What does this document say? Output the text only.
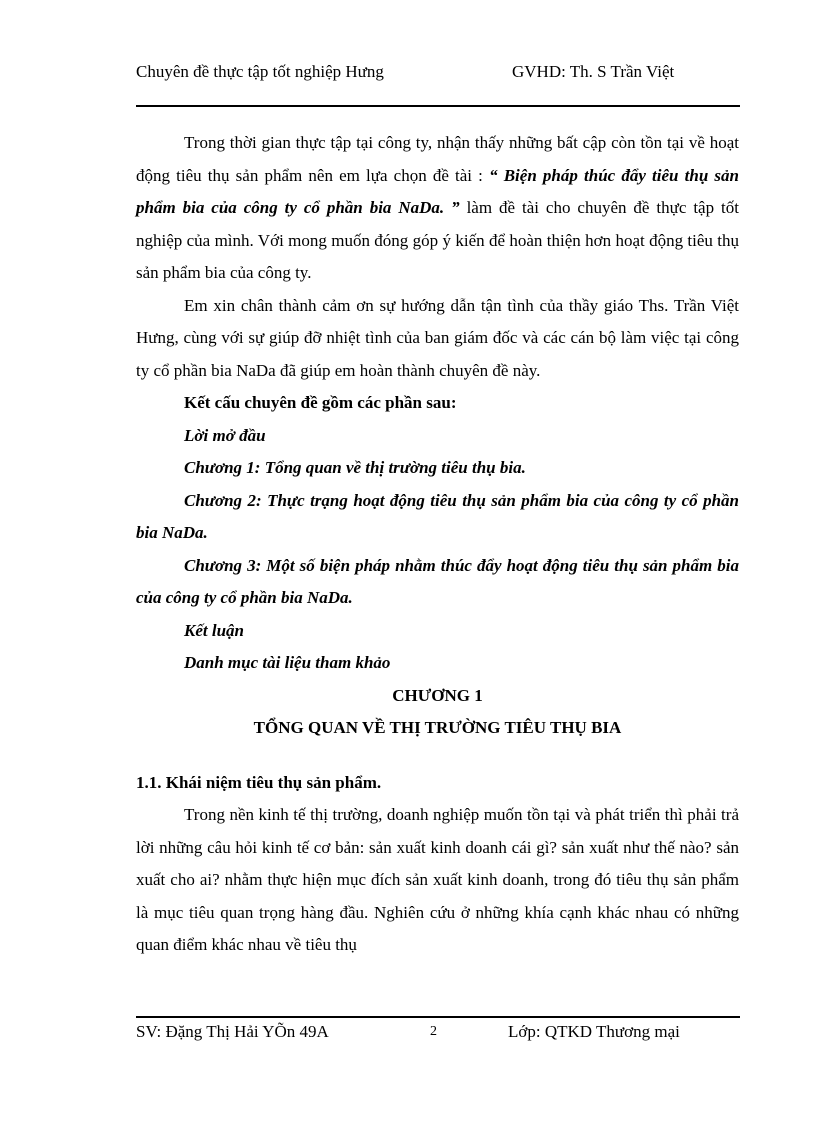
Chuyên đề thực tập tốt nghiệp Hưng	GVHD: Th. S Trần Việt

Trong thời gian thực tập tại công ty, nhận thấy những bất cập còn tồn tại về hoạt động tiêu thụ sản phẩm nên em lựa chọn đề tài : “ Biện pháp thúc đẩy tiêu thụ sản phẩm bia của công ty cổ phần bia NaDa. ” làm đề tài cho chuyên đề thực tập tốt nghiệp của mình. Với mong muốn đóng góp ý kiến để hoàn thiện hơn hoạt động tiêu thụ sản phẩm bia của công ty.

Em xin chân thành cảm ơn sự hướng dẫn tận tình của thầy giáo Ths. Trần Việt Hưng, cùng với sự giúp đỡ nhiệt tình của ban giám đốc và các cán bộ làm việc tại công ty cổ phần bia NaDa đã giúp em hoàn thành chuyên đề này.

Kết cấu chuyên đề gồm các phần sau:

Lời mở đầu

Chương 1: Tổng quan về thị trường tiêu thụ bia.

Chương 2: Thực trạng hoạt động tiêu thụ sản phẩm bia của công ty cổ phần bia NaDa.

Chương 3: Một số biện pháp nhằm thúc đẩy hoạt động tiêu thụ sản phẩm bia của công ty cổ phần bia NaDa.

Kết luận

Danh mục tài liệu tham khảo

CHƯƠNG 1

TỔNG QUAN VỀ THỊ TRƯỜNG TIÊU THỤ BIA

1.1. Khái niệm tiêu thụ sản phẩm.

Trong nền kinh tế thị trường, doanh nghiệp muốn tồn tại và phát triển thì phải trả lời những câu hỏi kinh tế cơ bản: sản xuất kinh doanh cái gì? sản xuất như thế nào? sản xuất cho ai? nhằm thực hiện mục đích sản xuất kinh doanh, trong đó tiêu thụ sản phẩm là mục tiêu quan trọng hàng đầu. Nghiên cứu ở những khía cạnh khác nhau có những quan điểm khác nhau về tiêu thụ

SV: Đặng Thị Hải YÕn 49A	2	Lớp: QTKD Thương mại
